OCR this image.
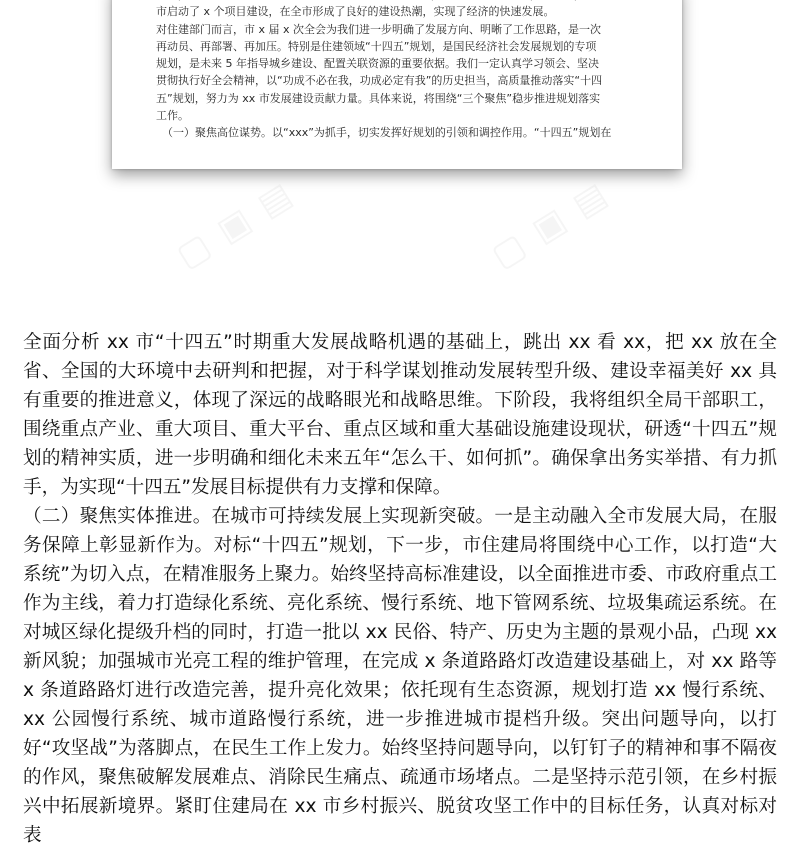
市启动了 x 个项目建设，在全市形成了良好的建设热潮，实现了经济的快速发展。

对住建部门而言，市 x 届 x 次全会为我们进一步明确了发展方向、明晰了工作思路，是一次

再动员、再部署、再加压。特别是住建领域“十四五”规划，是国民经济社会发展规划的专项

规划，是未来 5 年指导城乡建设、配置关联资源的重要依据。我们一定认真学习领会、坚决

贯彻执行好全会精神，以“功成不必在我，功成必定有我”的历史担当，高质量推动落实“十四

五”规划，努力为 xx 市发展建设贡献力量。具体来说，将围绕“三个聚焦”稳步推进规划落实

工作。

（一）聚焦高位谋势。以“xxx”为抓手，切实发挥好规划的引领和调控作用。“十四五”规划在

▢ ▣ ▤	▢ ▣ ▤

全面分析 xx 市“十四五”时期重大发展战略机遇的基础上，跳出 xx 看 xx，把 xx 放在全省、全国的大环境中去研判和把握，对于科学谋划推动发展转型升级、建设幸福美好 xx 具有重要的推进意义，体现了深远的战略眼光和战略思维。下阶段，我将组织全局干部职工，围绕重点产业、重大项目、重大平台、重点区域和重大基础设施建设现状，研透“十四五”规划的精神实质，进一步明确和细化未来五年“怎么干、如何抓”。确保拿出务实举措、有力抓手，为实现“十四五”发展目标提供有力支撑和保障。

（二）聚焦实体推进。在城市可持续发展上实现新突破。一是主动融入全市发展大局，在服务保障上彰显新作为。对标“十四五”规划，下一步，市住建局将围绕中心工作，以打造“大系统”为切入点，在精准服务上聚力。始终坚持高标准建设，以全面推进市委、市政府重点工作为主线，着力打造绿化系统、亮化系统、慢行系统、地下管网系统、垃圾集疏运系统。在对城区绿化提级升档的同时，打造一批以 xx 民俗、特产、历史为主题的景观小品，凸现 xx 新风貌；加强城市光亮工程的维护管理，在完成 x 条道路路灯改造建设基础上，对 xx 路等 x 条道路路灯进行改造完善，提升亮化效果；依托现有生态资源，规划打造 xx 慢行系统、xx 公园慢行系统、城市道路慢行系统，进一步推进城市提档升级。突出问题导向，以打好“攻坚战”为落脚点，在民生工作上发力。始终坚持问题导向，以钉钉子的精神和事不隔夜的作风，聚焦破解发展难点、消除民生痛点、疏通市场堵点。二是坚持示范引领，在乡村振兴中拓展新境界。紧盯住建局在 xx 市乡村振兴、脱贫攻坚工作中的目标任务，认真对标对表
